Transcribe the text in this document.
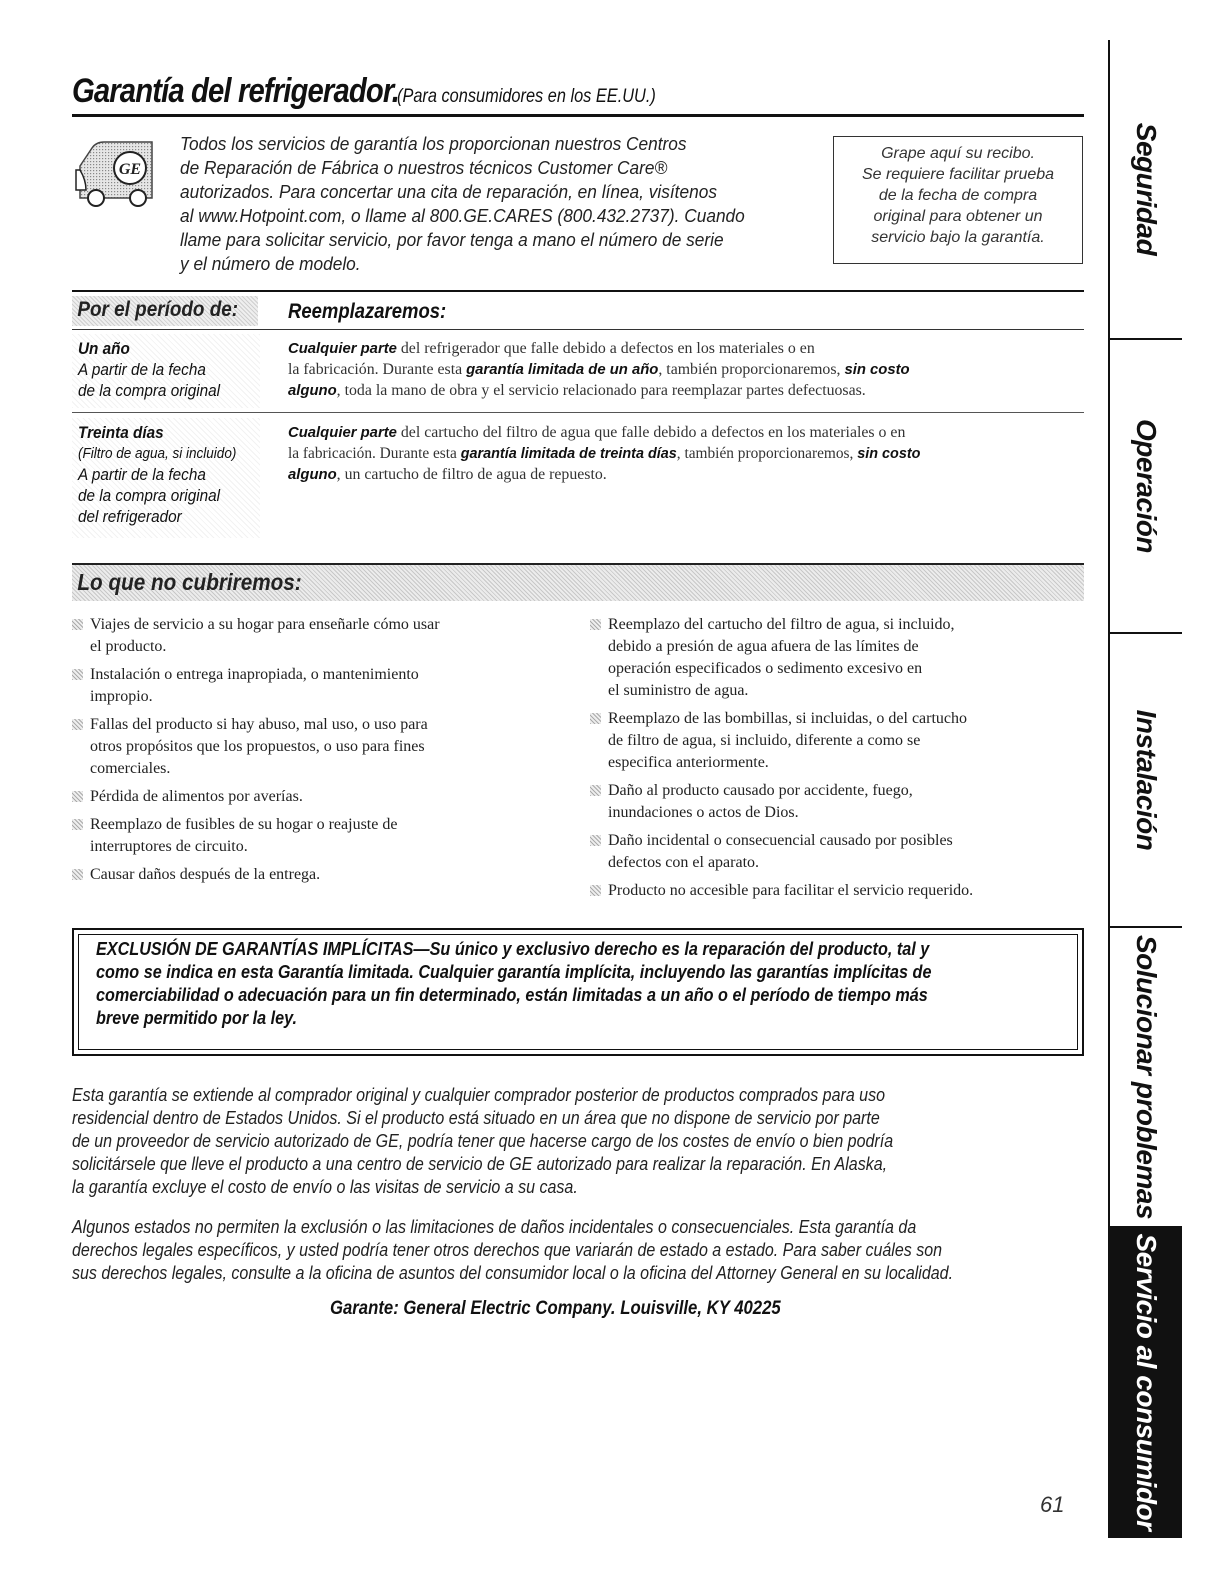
Garantía del refrigerador. (Para consumidores en los EE.UU.)
GE

Todos los servicios de garantía los proporcionan nuestros Centros

de Reparación de Fábrica o nuestros técnicos Customer Care®

autorizados. Para concertar una cita de reparación, en línea, visítenos

al www.Hotpoint.com, o llame al 800.GE.CARES (800.432.2737). Cuando

llame para solicitar servicio, por favor tenga a mano el número de serie

y el número de modelo.

Grape aquí su recibo.
Se requiere facilitar prueba
de la fecha de compra
original para obtener un
servicio bajo la garantía.
Por el período de:	Reemplazaremos:
Un año
A partir de la fecha
de la compra original
Cualquier parte del refrigerador que falle debido a defectos en los materiales o en
la fabricación. Durante esta garantía limitada de un año, también proporcionaremos, sin costo
alguno, toda la mano de obra y el servicio relacionado para reemplazar partes defectuosas.
Treinta días
(Filtro de agua, si incluido)
A partir de la fecha
de la compra original
del refrigerador
Cualquier parte del cartucho del filtro de agua que falle debido a defectos en los materiales o en
la fabricación. Durante esta garantía limitada de treinta días, también proporcionaremos, sin costo
alguno, un cartucho de filtro de agua de repuesto.
Lo que no cubriremos:
Viajes de servicio a su hogar para enseñarle cómo usar
el producto.
Instalación o entrega inapropiada, o mantenimiento
impropio.
Fallas del producto si hay abuso, mal uso, o uso para
otros propósitos que los propuestos, o uso para fines
comerciales.
Pérdida de alimentos por averías.
Reemplazo de fusibles de su hogar o reajuste de
interruptores de circuito.
Causar daños después de la entrega.
Reemplazo del cartucho del filtro de agua, si incluido,
debido a presión de agua afuera de las límites de
operación especificados o sedimento excesivo en
el suministro de agua.
Reemplazo de las bombillas, si incluidas, o del cartucho
de filtro de agua, si incluido, diferente a como se
especifica anteriormente.
Daño al producto causado por accidente, fuego,
inundaciones o actos de Dios.
Daño incidental o consecuencial causado por posibles
defectos con el aparato.
Producto no accesible para facilitar el servicio requerido.
EXCLUSIÓN DE GARANTÍAS IMPLÍCITAS—Su único y exclusivo derecho es la reparación del producto, tal y
como se indica en esta Garantía limitada. Cualquier garantía implícita, incluyendo las garantías implícitas de
comerciabilidad o adecuación para un fin determinado, están limitadas a un año o el período de tiempo más
breve permitido por la ley.
Esta garantía se extiende al comprador original y cualquier comprador posterior de productos comprados para uso
residencial dentro de Estados Unidos. Si el producto está situado en un área que no dispone de servicio por parte
de un proveedor de servicio autorizado de GE, podría tener que hacerse cargo de los costes de envío o bien podría
solicitársele que lleve el producto a una centro de servicio de GE autorizado para realizar la reparación. En Alaska,
la garantía excluye el costo de envío o las visitas de servicio a su casa.
Algunos estados no permiten la exclusión o las limitaciones de daños incidentales o consecuenciales. Esta garantía da
derechos legales específicos, y usted podría tener otros derechos que variarán de estado a estado. Para saber cuáles son
sus derechos legales, consulte a la oficina de asuntos del consumidor local o la oficina del Attorney General en su localidad.
Garante: General Electric Company. Louisville, KY 40225
61
Seguridad
Operación
Instalación
Solucionar problemas
Servicio al consumidor
